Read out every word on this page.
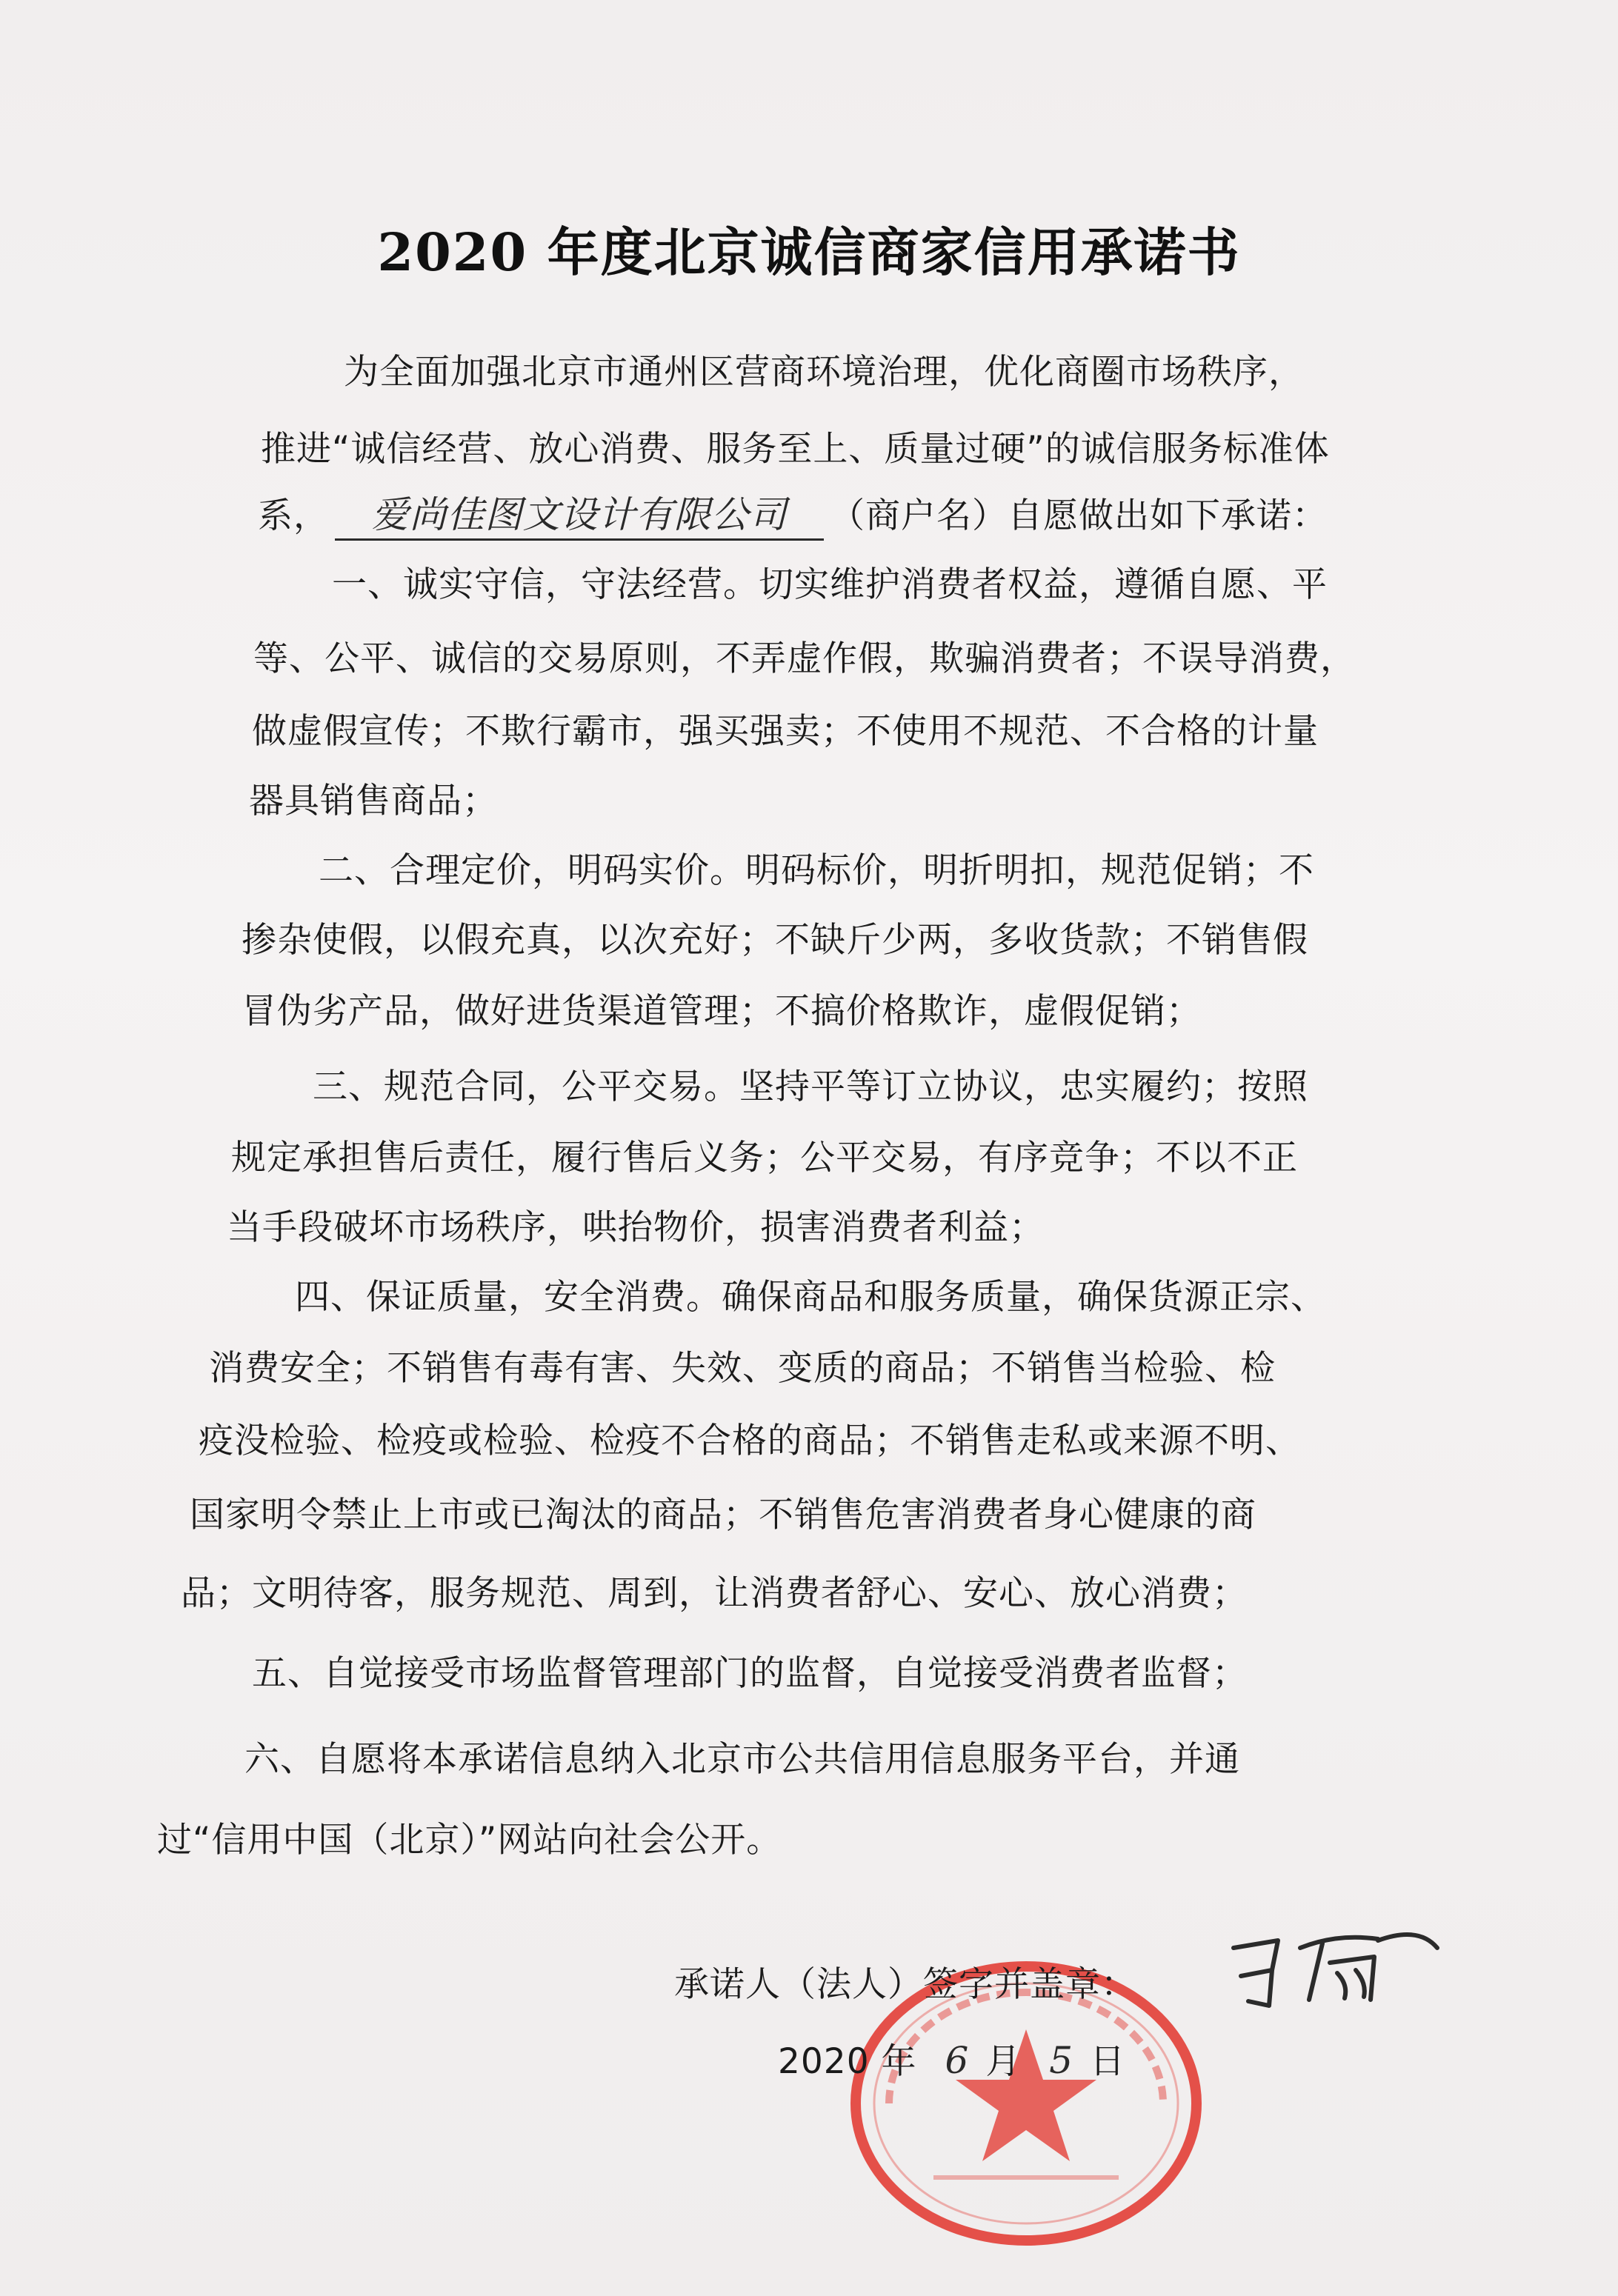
2020 年度北京诚信商家信用承诺书
为全面加强北京市通州区营商环境治理，优化商圈市场秩序，
推进“诚信经营、放心消费、服务至上、质量过硬”的诚信服务标准体
系， 爱尚佳图文设计有限公司 （商户名）自愿做出如下承诺：
一、诚实守信，守法经营。切实维护消费者权益，遵循自愿、平
等、公平、诚信的交易原则，不弄虚作假，欺骗消费者；不误导消费，
做虚假宣传；不欺行霸市，强买强卖；不使用不规范、不合格的计量
器具销售商品；
二、合理定价，明码实价。明码标价，明折明扣，规范促销；不
掺杂使假，以假充真，以次充好；不缺斤少两，多收货款；不销售假
冒伪劣产品，做好进货渠道管理；不搞价格欺诈，虚假促销；
三、规范合同，公平交易。坚持平等订立协议，忠实履约；按照
规定承担售后责任，履行售后义务；公平交易，有序竞争；不以不正
当手段破坏市场秩序，哄抬物价，损害消费者利益；
四、保证质量，安全消费。确保商品和服务质量，确保货源正宗、
消费安全；不销售有毒有害、失效、变质的商品；不销售当检验、检
疫没检验、检疫或检验、检疫不合格的商品；不销售走私或来源不明、
国家明令禁止上市或已淘汰的商品；不销售危害消费者身心健康的商
品；文明待客，服务规范、周到，让消费者舒心、安心、放心消费；
五、自觉接受市场监督管理部门的监督，自觉接受消费者监督；
六、自愿将本承诺信息纳入北京市公共信用信息服务平台，并通
过“信用中国（北京）”网站向社会公开。
承诺人（法人）签字并盖章：
2020 年 6 月 5 日
